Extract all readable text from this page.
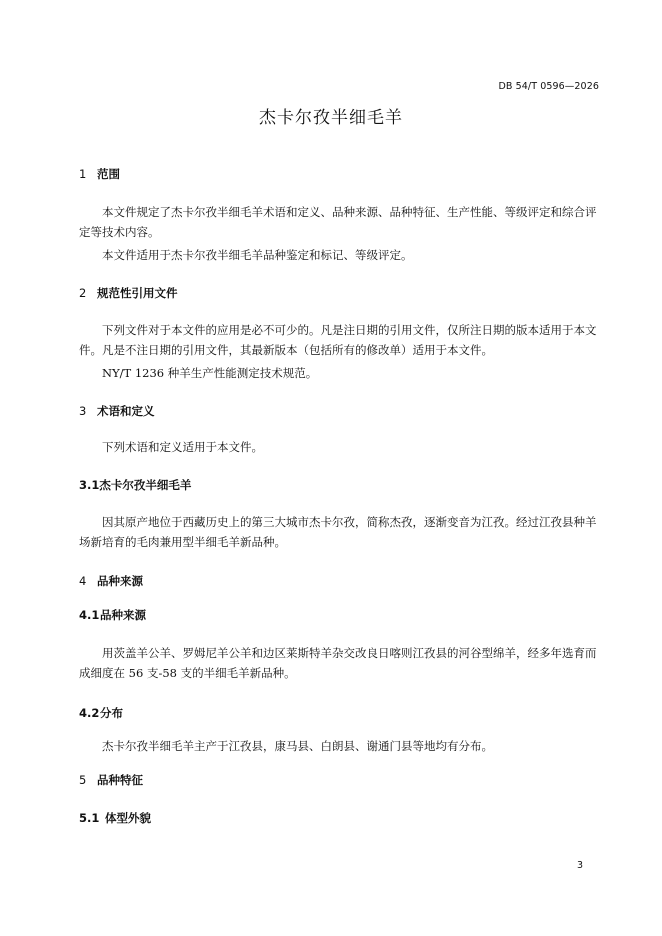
DB 54/T 0596—2026
杰卡尔孜半细毛羊
1 范围

本文件规定了杰卡尔孜半细毛羊术语和定义、品种来源、品种特征、生产性能、等级评定和综合评定等技术内容。

本文件适用于杰卡尔孜半细毛羊品种鉴定和标记、等级评定。

2 规范性引用文件

下列文件对于本文件的应用是必不可少的。凡是注日期的引用文件，仅所注日期的版本适用于本文件。凡是不注日期的引用文件，其最新版本（包括所有的修改单）适用于本文件。

NY/T 1236 种羊生产性能测定技术规范。

3 术语和定义

下列术语和定义适用于本文件。

3.1杰卡尔孜半细毛羊

因其原产地位于西藏历史上的第三大城市杰卡尔孜，简称杰孜，逐渐变音为江孜。经过江孜县种羊场新培育的毛肉兼用型半细毛羊新品种。

4 品种来源
4.1品种来源

用茨盖羊公羊、罗姆尼羊公羊和边区莱斯特羊杂交改良日喀则江孜县的河谷型绵羊，经多年选育而成细度在 56 支-58 支的半细毛羊新品种。

4.2分布

杰卡尔孜半细毛羊主产于江孜县，康马县、白朗县、谢通门县等地均有分布。

5 品种特征
5.1 体型外貌
3
